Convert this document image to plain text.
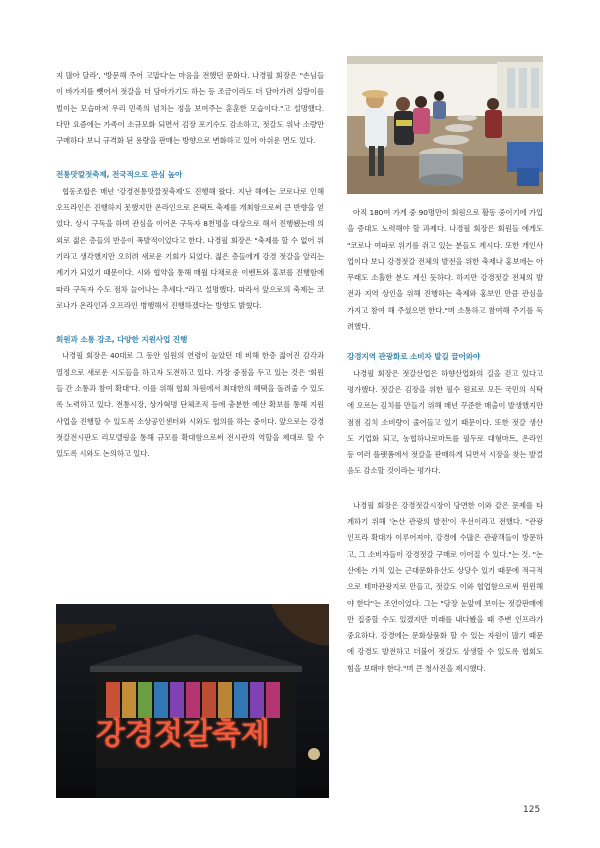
지 많아 달라', '방문해 주어 고맙다'는 마음을 전했던 문화다. 나경필 회장은 "손님들이 바가지를 뺏어서 젓갈을 더 담아가기도 하는 등 조금이라도 더 담아가려 실랑이를 벌이는 모습마저 우리 민족의 넘치는 정을 보여주는 훈훈한 모습이다."고 설명했다. 다만 요즘에는 가족이 소규모화 되면서 김장 포기수도 감소하고, 젓갈도 위낙 소량만 구매하다 보니 규격화 된 용량을 판매는 방향으로 변화하고 있어 아쉬운 면도 있다.

전통맛깔젓축제, 전국적으로 관심 높아

협동조합은 매년 '강경전통맛깔젓축제'도 진행해 왔다. 지난 해에는 코로나로 인해 오프라인은 진행하지 못했지만 온라인으로 온택트 축제를 개최함으로써 큰 반향을 얻었다. 상시 구독을 하며 관심을 이어온 구독자 8천명을 대상으로 해서 진행됐는데 의외로 젊은 층들의 반응이 폭발적이었다고 한다. 나경필 회장은 "축제를 할 수 없어 위기라고 생각했지만 오히려 새로운 기회가 되었다. 젊은 층들에게 강경 젓갈을 알리는 계기가 되었기 때문이다. 시와 협약을 통해 매월 다채로운 이벤트와 홍보를 진행함에 따라 구독자 수도 점차 늘어나는 추세다."라고 설명했다. 따라서 앞으로의 축제는 코로나가 온라인과 오프라인 병행해서 진행하겠다는 방향도 밝혔다.

회원과 소통 강조, 다양한 지원사업 진행

나경필 회장은 40대로 그 동안 임원의 연령이 높았던 데 비해 한층 젊어진 감각과 열정으로 새로운 시도들을 하고자 도전하고 있다. 가장 중점을 두고 있는 것은 '회원들 간 소통과 참여 확대'다. 이를 위해 협회 차원에서 최대한의 혜택을 돌려줄 수 있도록 노력하고 있다. 전통시장, 상가혁명 단체조직 등에 충분한 예산 확보를 통해 지원사업을 진행할 수 있도록 소상공인센터와 시와도 협의를 하는 중이다. 앞으로는 강경젓갈전시판도 리모델링을 통해 규모를 확대함으로써 전시관의 역할을 제대로 할 수 있도록 시와도 논의하고 있다.

아직 180여 가게 중 90명만이 회원으로 활동 중이기에 가입을 증대도 노력해야 할 과제다. 나경필 회장은 회원들 에게도 "코로나 여파로 위기를 쥐고 있는 분들도 계시다. 또한 개인사업이다 보니 강경젓갈 전체의 발전을 위한 축제나 홍보에는 아무래도 소홀한 분도 계신 듯하다. 하지만 강경젓갈 전체의 발전과 지역 상인을 위해 진행하는 축제와 홍보인 만큼 관심을 가지고 참여 해 주셨으면 한다."며 소통하고 참여해 주기를 독려했다.

강경지역 관광화로 소비자 발길 끌어와야

나경필 회장은 젓갈산업은 하향산업화의 길을 걷고 있다고 평가했다. 젓갈은 김장을 위한 필수 원료로 모든 국민의 식탁에 오르는 김치를 만들기 위해 매년 꾸준한 매출이 발생했지만 점점 김치 소비량이 줄어들고 있기 때문이다. 또한 젓갈 생산도 기업화 되고, 농협하나로마트를 필두로 대형마트, 온라인 등 여러 플랫폼에서 젓갈을 판매하게 되면서 시장을 찾는 발걸음도 감소할 것이라는 평가다.

나경필 회장은 강경젓갈시장이 당면한 이와 같은 문제를 타계하기 위해 '논산 관광의 발전'이 우선이라고 전했다. "관광 인프라 확대가 이루어져야, 강경에 수많은 관광객들이 방문하고, 그 소비자들이 강경젓갈 구매로 이어질 수 있다."는 것. "논산에는 가치 있는 근대문화유산도 상당수 있기 때문에 적극적으로 테마관광지로 만들고, 젓갈도 이와 협업함으로써 윈윈해야 한다"는 조언이었다. 그는 "당장 눈앞에 보이는 젓갈판매에만 집중할 수도 있겠지만 미래를 내다봤을 때 주변 인프라가 중요하다. 강경에는 문화상품화 할 수 있는 자원이 많기 때문에 강경도 발전하고 더불어 젓갈도 상생할 수 있도록 협회도 힘을 보태야 한다."며 큰 청사진을 제시했다.

강경젓갈축제
125
